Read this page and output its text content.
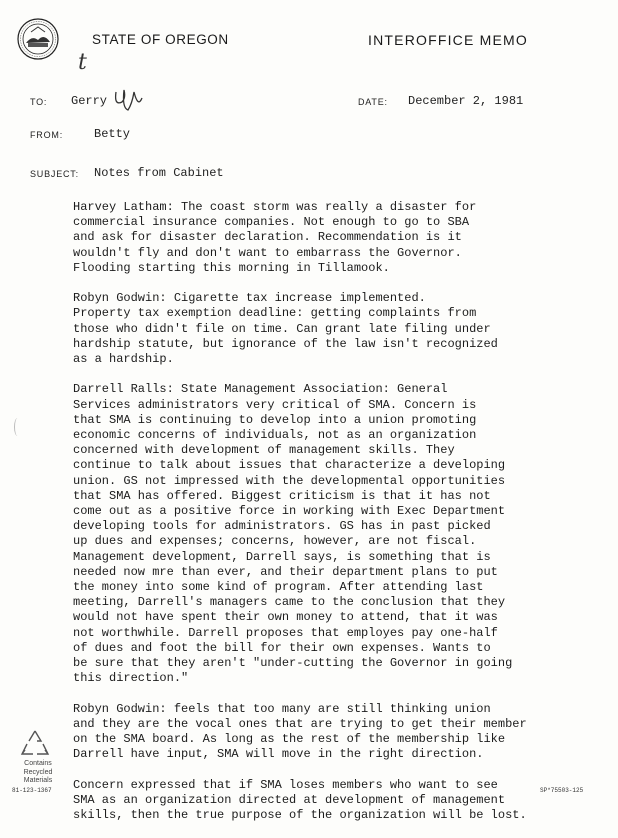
STATE OF OREGON	INTEROFFICE MEMO
t
TO: Gerry	DATE: December 2, 1981
FROM:	Betty
SUBJECT: Notes from Cabinet

Harvey Latham: The coast storm was really a disaster for
commercial insurance companies. Not enough to go to SBA
and ask for disaster declaration. Recommendation is it
wouldn't fly and don't want to embarrass the Governor.
Flooding starting this morning in Tillamook.

Robyn Godwin: Cigarette tax increase implemented.
Property tax exemption deadline: getting complaints from
those who didn't file on time. Can grant late filing under
hardship statute, but ignorance of the law isn't recognized
as a hardship.

Darrell Ralls: State Management Association: General
Services administrators very critical of SMA. Concern is
that SMA is continuing to develop into a union promoting
economic concerns of individuals, not as an organization
concerned with development of management skills. They
continue to talk about issues that characterize a developing
union. GS not impressed with the developmental opportunities
that SMA has offered. Biggest criticism is that it has not
come out as a positive force in working with Exec Department
developing tools for administrators. GS has in past picked
up dues and expenses; concerns, however, are not fiscal.
Management development, Darrell says, is something that is
needed now mre than ever, and their department plans to put
the money into some kind of program. After attending last
meeting, Darrell's managers came to the conclusion that they
would not have spent their own money to attend, that it was
not worthwhile. Darrell proposes that employes pay one-half
of dues and foot the bill for their own expenses. Wants to
be sure that they aren't "under-cutting the Governor in going
this direction."

Robyn Godwin: feels that too many are still thinking union
and they are the vocal ones that are trying to get their member
on the SMA board. As long as the rest of the membership like
Darrell have input, SMA will move in the right direction.

Concern expressed that if SMA loses members who want to see
SMA as an organization directed at development of management
skills, then the true purpose of the organization will be lost.

Contains
Recycled
Materials
81-123-1367	SP*75503-125
